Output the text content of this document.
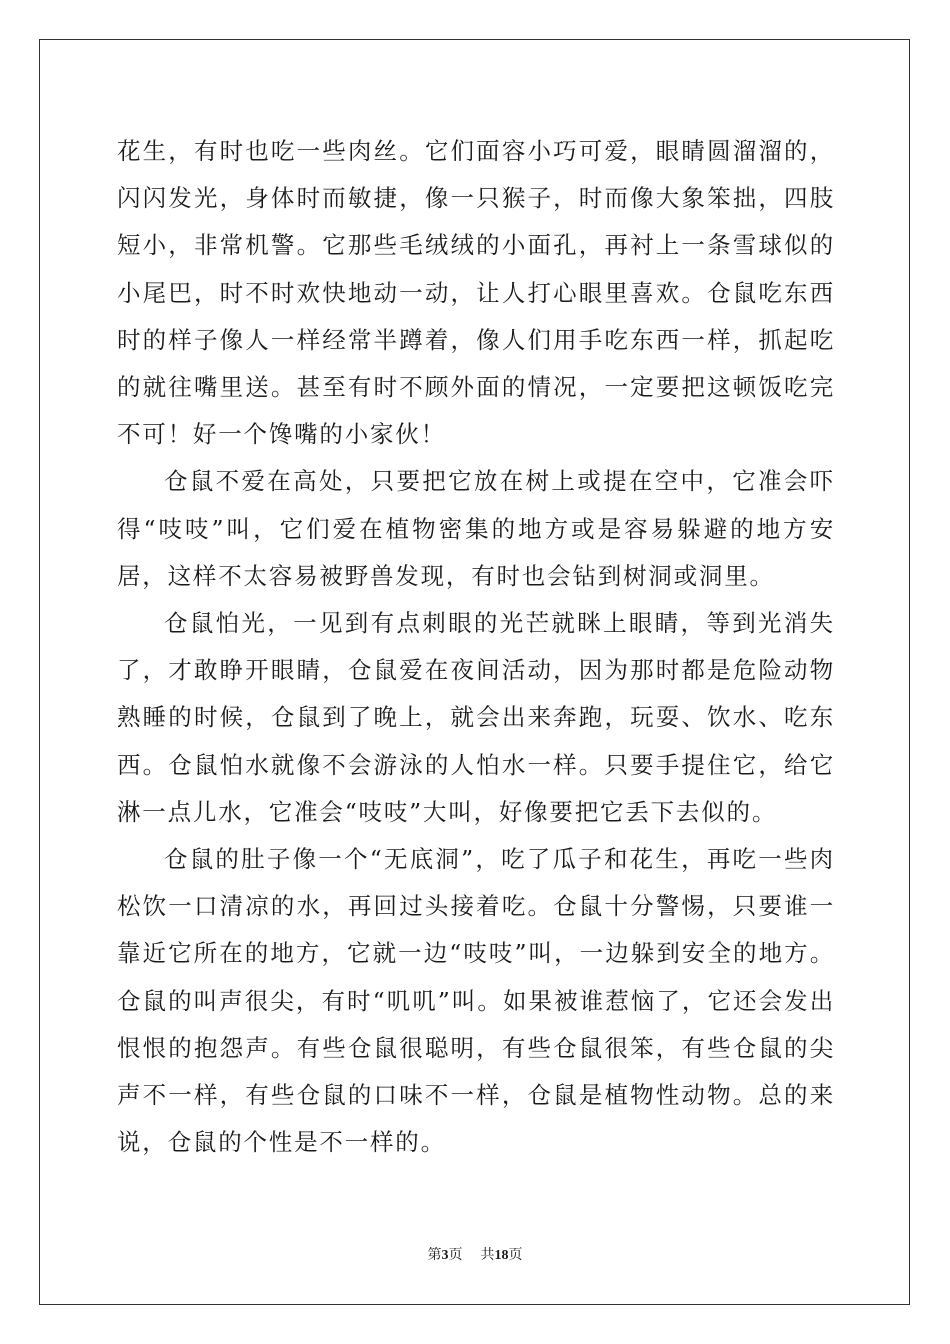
花生，有时也吃一些肉丝。它们面容小巧可爱，眼睛圆溜溜的，闪闪发光，身体时而敏捷，像一只猴子，时而像大象笨拙，四肢短小，非常机警。它那些毛绒绒的小面孔，再衬上一条雪球似的小尾巴，时不时欢快地动一动，让人打心眼里喜欢。仓鼠吃东西时的样子像人一样经常半蹲着，像人们用手吃东西一样，抓起吃的就往嘴里送。甚至有时不顾外面的情况，一定要把这顿饭吃完不可！好一个馋嘴的小家伙！

仓鼠不爱在高处，只要把它放在树上或提在空中，它准会吓得“吱吱”叫，它们爱在植物密集的地方或是容易躲避的地方安居，这样不太容易被野兽发现，有时也会钻到树洞或洞里。

仓鼠怕光，一见到有点刺眼的光芒就眯上眼睛，等到光消失了，才敢睁开眼睛，仓鼠爱在夜间活动，因为那时都是危险动物熟睡的时候，仓鼠到了晚上，就会出来奔跑，玩耍、饮水、吃东西。仓鼠怕水就像不会游泳的人怕水一样。只要手提住它，给它淋一点儿水，它准会“吱吱”大叫，好像要把它丢下去似的。

仓鼠的肚子像一个“无底洞”，吃了瓜子和花生，再吃一些肉松饮一口清凉的水，再回过头接着吃。仓鼠十分警惕，只要谁一靠近它所在的地方，它就一边“吱吱”叫，一边躲到安全的地方。仓鼠的叫声很尖，有时“叽叽”叫。如果被谁惹恼了，它还会发出恨恨的抱怨声。有些仓鼠很聪明，有些仓鼠很笨，有些仓鼠的尖声不一样，有些仓鼠的口味不一样，仓鼠是植物性动物。总的来说，仓鼠的个性是不一样的。

第3页 共18页
